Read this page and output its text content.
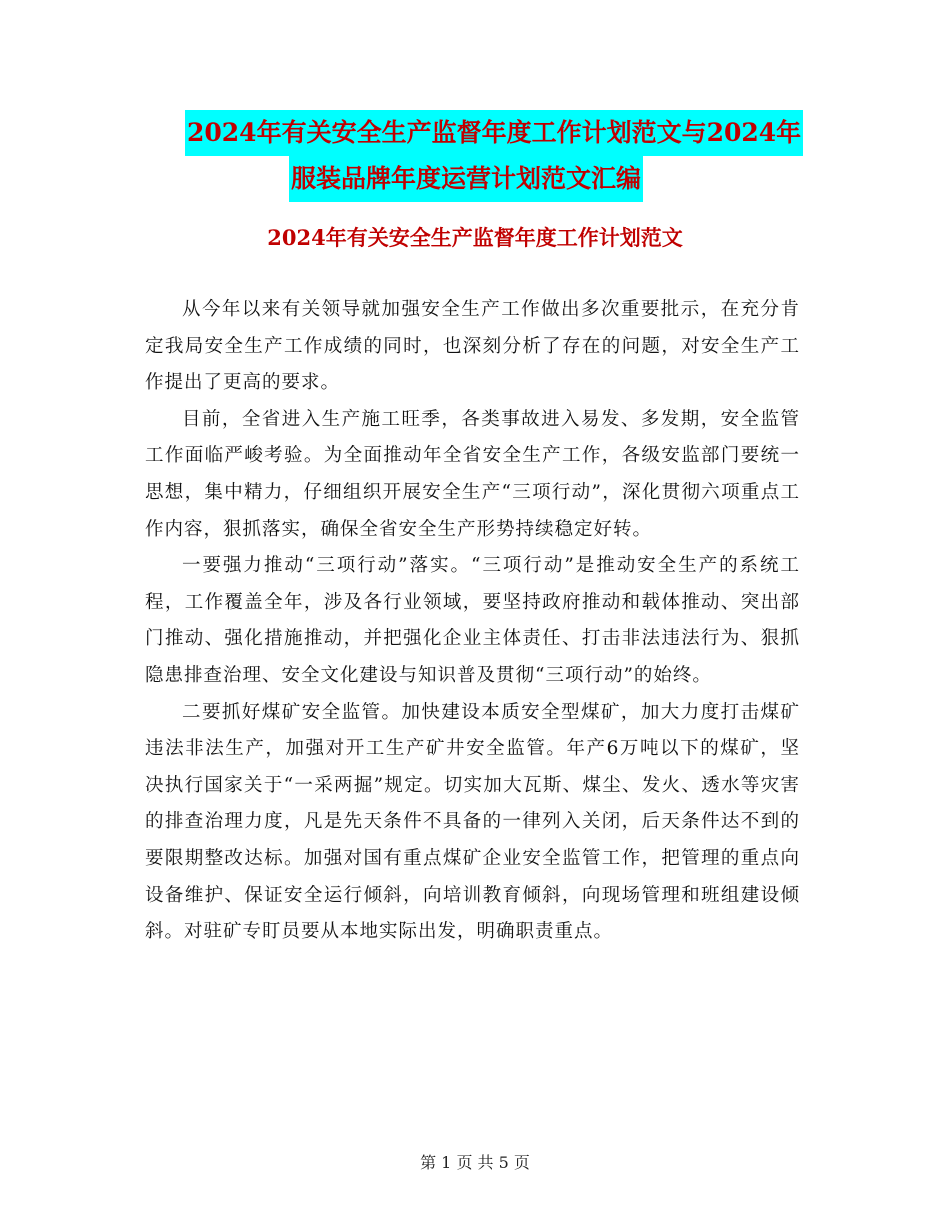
2024年有关安全生产监督年度工作计划范文与2024年
服装品牌年度运营计划范文汇编
2024年有关安全生产监督年度工作计划范文

从今年以来有关领导就加强安全生产工作做出多次重要批示，在充分肯定我局安全生产工作成绩的同时，也深刻分析了存在的问题，对安全生产工作提出了更高的要求。

目前，全省进入生产施工旺季，各类事故进入易发、多发期，安全监管工作面临严峻考验。为全面推动年全省安全生产工作，各级安监部门要统一思想，集中精力，仔细组织开展安全生产“三项行动”，深化贯彻六项重点工作内容，狠抓落实，确保全省安全生产形势持续稳定好转。

一要强力推动“三项行动”落实。“三项行动”是推动安全生产的系统工程，工作覆盖全年，涉及各行业领域，要坚持政府推动和载体推动、突出部门推动、强化措施推动，并把强化企业主体责任、打击非法违法行为、狠抓隐患排查治理、安全文化建设与知识普及贯彻“三项行动”的始终。

二要抓好煤矿安全监管。加快建设本质安全型煤矿，加大力度打击煤矿违法非法生产，加强对开工生产矿井安全监管。年产6万吨以下的煤矿，坚决执行国家关于“一采两掘”规定。切实加大瓦斯、煤尘、发火、透水等灾害的排查治理力度，凡是先天条件不具备的一律列入关闭，后天条件达不到的要限期整改达标。加强对国有重点煤矿企业安全监管工作，把管理的重点向设备维护、保证安全运行倾斜，向培训教育倾斜，向现场管理和班组建设倾斜。对驻矿专盯员要从本地实际出发，明确职责重点。

第 1 页 共 5 页
